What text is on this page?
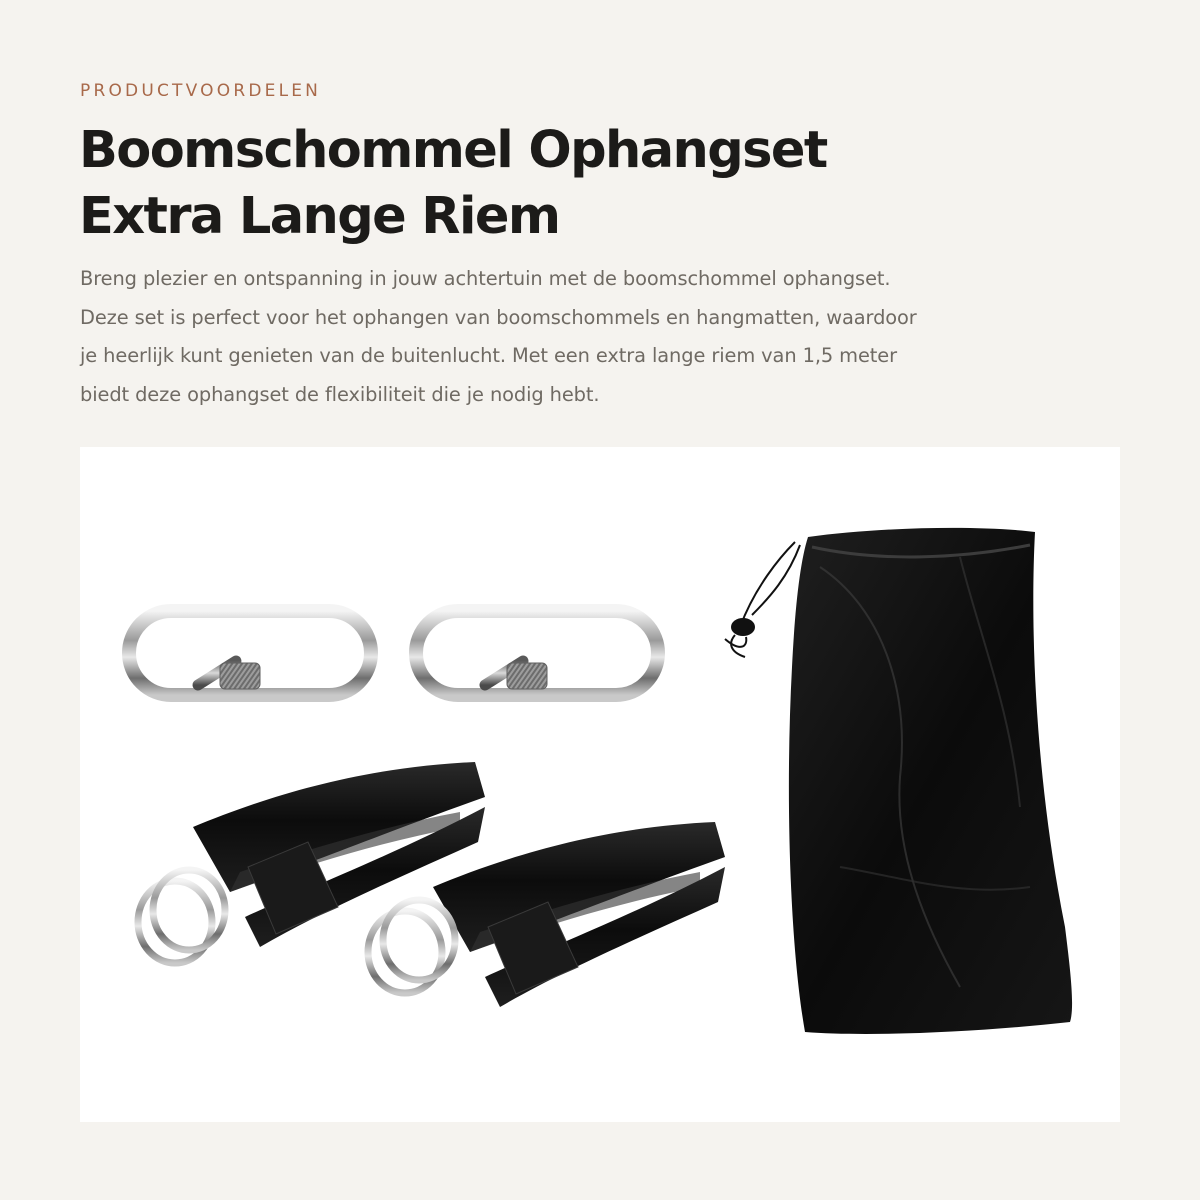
PRODUCTVOORDELEN

Boomschommel Ophangset
Extra Lange Riem

Breng plezier en ontspanning in jouw achtertuin met de boomschommel ophangset.
Deze set is perfect voor het ophangen van boomschommels en hangmatten, waardoor
je heerlijk kunt genieten van de buitenlucht. Met een extra lange riem van 1,5 meter
biedt deze ophangset de flexibiliteit die je nodig hebt.
